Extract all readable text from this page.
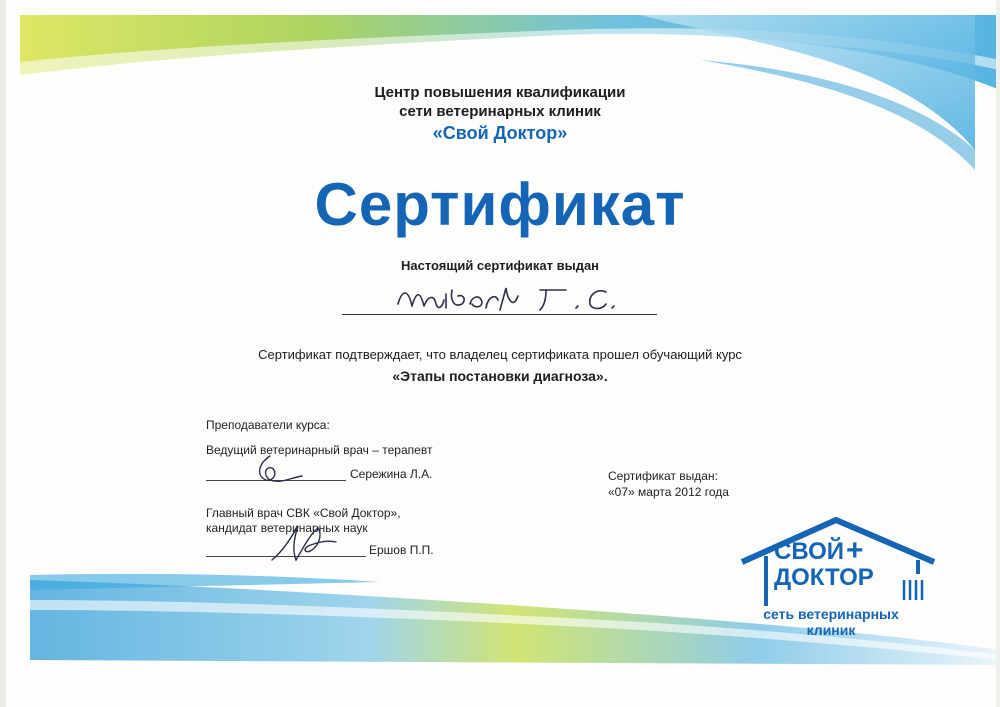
Центр повышения квалификации
сети ветеринарных клиник
«Свой Доктор»
Сертификат
Настоящий сертификат выдан
Сертификат подтверждает, что владелец сертификата прошел обучающий курс
«Этапы постановки диагноза».
Преподаватели курса:
Ведущий ветеринарный врач – терапевт
Сережина Л.А.
Главный врач СВК «Свой Доктор»,
кандидат ветеринарных наук
Ершов П.П.
Сертификат выдан:
«07» марта 2012 года
СВОЙ +
ДОКТОР
сеть ветеринарных
клиник
